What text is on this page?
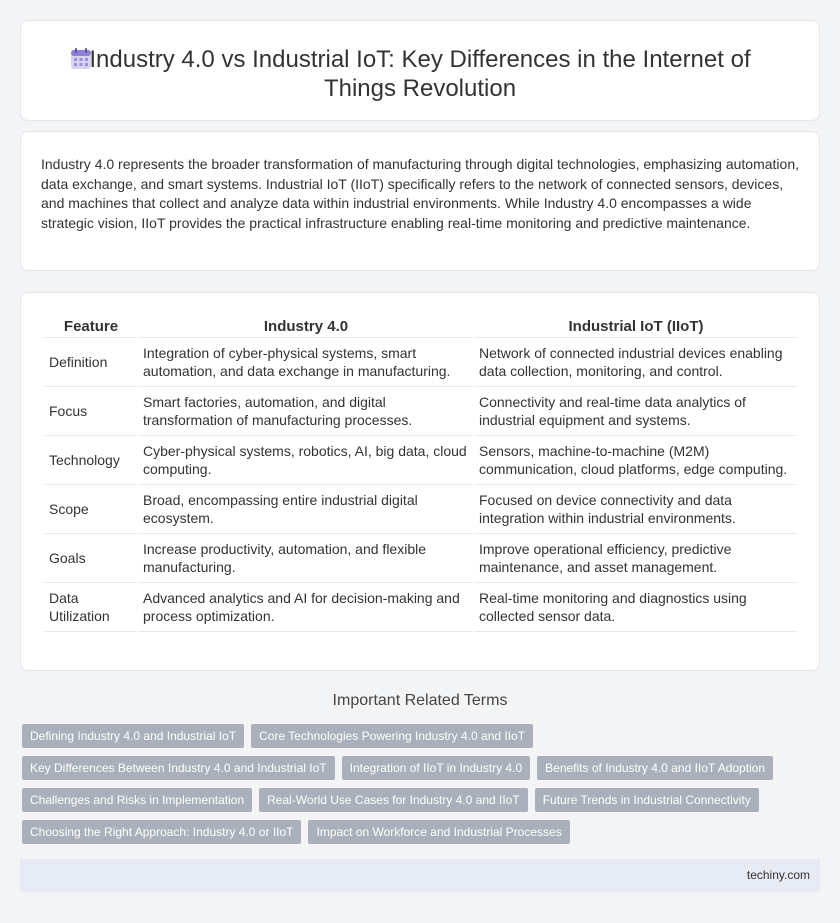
Industry 4.0 vs Industrial IoT: Key Differences in the Internet of Things Revolution

Industry 4.0 represents the broader transformation of manufacturing through digital technologies, emphasizing automation, data exchange, and smart systems. Industrial IoT (IIoT) specifically refers to the network of connected sensors, devices, and machines that collect and analyze data within industrial environments. While Industry 4.0 encompasses a wide strategic vision, IIoT provides the practical infrastructure enabling real-time monitoring and predictive maintenance.

Feature	Industry 4.0	Industrial IoT (IIoT)
Definition	Integration of cyber-physical systems, smart automation, and data exchange in manufacturing.	Network of connected industrial devices enabling data collection, monitoring, and control.
Focus	Smart factories, automation, and digital transformation of manufacturing processes.	Connectivity and real-time data analytics of industrial equipment and systems.
Technology	Cyber-physical systems, robotics, AI, big data, cloud computing.	Sensors, machine-to-machine (M2M) communication, cloud platforms, edge computing.
Scope	Broad, encompassing entire industrial digital ecosystem.	Focused on device connectivity and data integration within industrial environments.
Goals	Increase productivity, automation, and flexible manufacturing.	Improve operational efficiency, predictive maintenance, and asset management.
Data Utilization	Advanced analytics and AI for decision-making and process optimization.	Real-time monitoring and diagnostics using collected sensor data.
Important Related Terms
Defining Industry 4.0 and Industrial IoT	Core Technologies Powering Industry 4.0 and IIoT
Key Differences Between Industry 4.0 and Industrial IoT	Integration of IIoT in Industry 4.0	Benefits of Industry 4.0 and IIoT Adoption
Challenges and Risks in Implementation	Real-World Use Cases for Industry 4.0 and IIoT	Future Trends in Industrial Connectivity
Choosing the Right Approach: Industry 4.0 or IIoT	Impact on Workforce and Industrial Processes
techiny.com
